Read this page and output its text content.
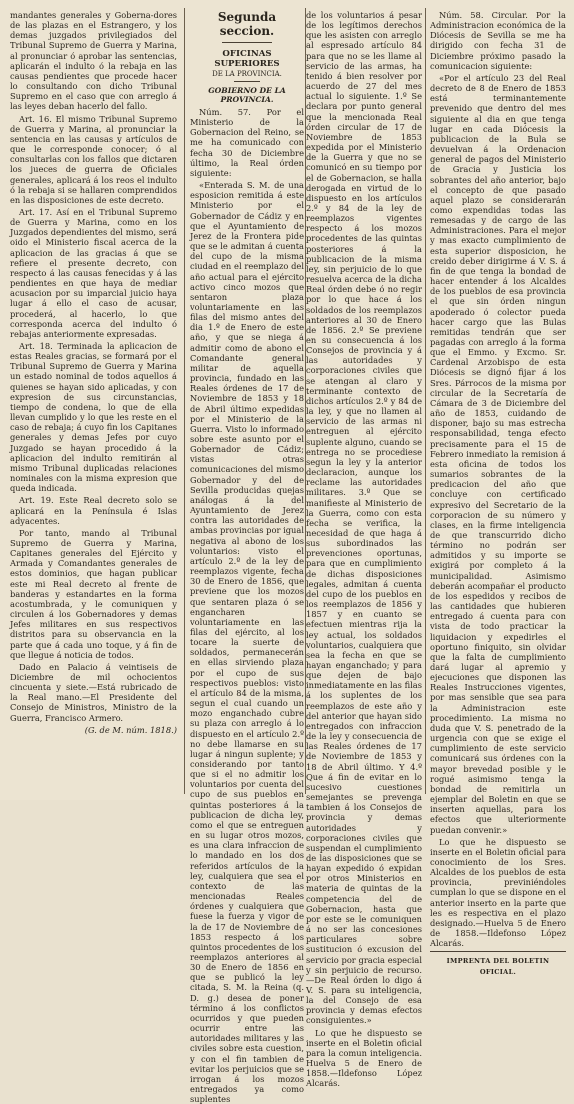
mandantes generales y Goberna-dores de las plazas en el Estrangero, y los demas juzgados privilegiados del Tribunal Supremo de Guerra y Marina, al pronunciar ó aprobar las sentencias, aplicarán el indulto ó la rebaja en las causas pendientes que procede hacer lo consultando con dicho Tribunal Supremo en el caso que con arreglo á las leyes deban hacerlo del fallo.

Art. 16. El mismo Tribunal Supremo de Guerra y Marina, al pronunciar la sentencia en las causas y artículos de que le corresponde conocer; ó al consultarlas con los fallos que dictaren los jueces de guerra de Oficiales generales, aplicará á los reos el indulto ó la rebaja si se hallaren comprendidos en las disposiciones de este decreto.

Art. 17. Así en el Tribunal Supremo de Guerra y Marina, como en los Juzgados dependientes del mismo, será oido el Ministerio fiscal acerca de la aplicacion de las gracias á que se refiere el presente decreto, con respecto á las causas fenecidas y á las pendientes en que haya de mediar acusacion por su imparcial juicio haya lugar á ello el caso de acusar, procederá, al hacerlo, lo que corresponda acerca del indulto ó rebajas anteriormente expresadas.

Art. 18. Terminada la aplicacion de estas Reales gracias, se formará por el Tribunal Supremo de Guerra y Marina un estado nominal de todos aquellos á quienes se hayan sido aplicadas, y con expresion de sus circunstancias, tiempo de condena, lo que de ella llevan cumplido y lo que les reste en el caso de rebaja; á cuyo fin los Capitanes generales y demas Jefes por cuyo Juzgado se hayan procedido á la aplicacion del indulto remitirán al mismo Tribunal duplicadas relaciones nominales con la misma expresion que queda indicada.

Art. 19. Este Real decreto solo se aplicará en la Península é Islas adyacentes.

Por tanto, mando al Tribunal Supremo de Guerra y Marina, Capitanes generales del Ejército y Armada y Comandantes generales de estos dominios, que hagan publicar este mi Real decreto al frente de banderas y estandartes en la forma acostumbrada, y le comuniquen y circulen á los Gobernadores y demas Jefes militares en sus respectivos distritos para su observancia en la parte que á cada uno toque, y á fin de que llegue á noticia de todos.

Dado en Palacio á veintiseis de Diciembre de mil ochocientos cincuenta y siete.—Está rubricado de la Real mano.—El Presidente del Consejo de Ministros, Ministro de la Guerra, Francisco Armero.

(G. de M. núm. 1818.)

Segunda seccion.

OFICINAS SUPERIORES

DE LA PROVINCIA.

GOBIERNO DE LA PROVINCIA.

Núm. 57. Por el Ministerio de la Gobernacion del Reino, se me ha comunicado con fecha 30 de Diciembre último, la Real órden siguiente:

«Enterada S. M. de una esposicion remitida á este Ministerio por el Gobernador de Cádiz y en que el Ayuntamiento de Jerez de la Frontera pide que se le admitan á cuenta del cupo de la misma ciudad en el reemplazo del año actual para el ejército activo cinco mozos que sentaron plaza voluntariamente en las filas del mismo antes del dia 1.º de Enero de este año, y que se niega á admitir como de abono el Comandante general militar de aquella provincia, fundado en las Reales órdenes de 17 de Noviembre de 1853 y 18 de Abril último expedidas por el Ministerio de la Guerra. Visto lo informado sobre este asunto por el Gobernador de Cádiz; vistas otras comunicaciones del mismo Gobernador y del de Sevilla producidas quejas análogas á la del Ayuntamiento de Jerez contra las autoridades de ambas provincias por igual negativa al abono de los voluntarios: visto el artículo 2.º de la ley de reemplazos vigente, fecha 30 de Enero de 1856, que previene que los mozos que sentaren plaza ó se engancharen voluntariamente en las filas del ejército, al los tocare la suerte de soldados, permanecerán en ellas sirviendo plaza por el cupo de sus respectivos pueblos: visto el artículo 84 de la misma, segun el cual cuando un mozo enganchado cubre su plaza con arreglo á lo dispuesto en el artículo 2.º no debe llamarse en su lugar á ningun suplente; y considerando por tanto que si el no admitir los voluntarios por cuenta del cupo de sus pueblos en quintas posteriores á la publicacion de dicha ley, como el que se entreguen en su lugar otros mozos, es una clara infraccion de lo mandado en los dos referidos artículos de la ley, cualquiera que sea el contexto de las mencionadas Reales órdenes y cualquiera que fuese la fuerza y vigor de la de 17 de Noviembre de 1853 respecto á los quintos procedentes de los reemplazos anteriores al 30 de Enero de 1856 en que se publicó la ley citada, S. M. la Reina (q. D. g.) desea de poner término á los conflictos ocurridos y que pueden ocurrir entre las autoridades militares y las civiles sobre esta cuestion, y con el fin tambien de evitar los perjuicios que se irrogan á los mozos entregados ya como suplentes

de los voluntarios á pesar de los legítimos derechos que les asisten con arreglo al espresado artículo 84 para que no se les llame al servicio de las armas, ha tenido á bien resolver por acuerdo de 27 del mes actual lo siguiente. 1.º Se declara por punto general que la mencionada Real órden circular de 17 de Noviembre de 1853 expedida por el Ministerio de la Guerra y que no se comunicó en su tiempo por el de Gobernacion, se halla derogada en virtud de lo dispuesto en los artículos 2.º y 84 de la ley de reemplazos vigentes respecto á los mozos procedentes de las quintas posteriores á la publicacion de la misma ley, sin perjuicio de lo que resuelva acerca de la dicha Real órden debe ó no regir por lo que hace á los soldados de los reemplazos anteriores al 30 de Enero de 1856. 2.º Se previene en su consecuencia á los Consejos de provincia y á las autoridades y corporaciones civiles que se atengan al claro y terminante contexto de dichos artículos 2.º y 84 de la ley, y que no llamen al servicio de las armas ni entreguen al ejército suplente alguno, cuando se entrega no se procediese segun la ley y la anterior declaracion, aunque los reclame las autoridades militares. 3.º Que se manifieste al Ministerio de la Guerra, como con esta fecha se verifica, la necesidad de que haga á sus subordinados las prevenciones oportunas, para que en cumplimiento de dichas disposiciones legales, admitan á cuenta del cupo de los pueblos en los reemplazos de 1856 y 1857 y en cuanto se efectuen mientras rija la ley actual, los soldados voluntarios, cualquiera que sea la fecha en que se hayan enganchado; y para que dejen de bajo inmediatamente en las filas á los suplentes de los reemplazos de este año y del anterior que hayan sido entregados con infraccion de la ley y consecuencia de las Reales órdenes de 17 de Noviembre de 1853 y 18 de Abril último. Y 4.º Que á fin de evitar en lo sucesivo cuestiones semejantes se prevenga tambien á los Consejos de provincia y demas autoridades y corporaciones civiles que suspendan el cumplimiento de las disposiciones que se hayan expedido ó expidan por otros Ministerios en materia de quintas de la competencia del de Gobernacion, hasta que por este se le comuniquen á no ser las concesiones particulares sobre sustitucion ó excusion del servicio por gracia especial y sin perjuicio de recurso.—De Real órden lo digo á V. S. para su inteligencia, la del Consejo de esa provincia y demas efectos consiguientes.»

Lo que he dispuesto se inserte en el Boletin oficial para la comun inteligencia. Huelva 5 de Enero de 1858.—Ildefonso López Alcarás.

Núm. 58. Circular. Por la Administracion económica de la Diócesis de Sevilla se me ha dirigido con fecha 31 de Diciembre próximo pasado la comunicacion siguiente:

«Por el artículo 23 del Real decreto de 8 de Enero de 1853 está terminantemente prevenido que dentro del mes siguiente al dia en que tenga lugar en cada Diócesis la publicacion de la Bula se devuelvan á la Ordenacion general de pagos del Ministerio de Gracia y Justicia los sobrantes del año anterior, bajo el concepto de que pasado aquel plazo se considerarán como expendidas todas las remesadas y de cargo de las Administraciones. Para el mejor y mas exacto cumplimiento de esta superior disposicion, he creido deber dirigirme á V. S. á fin de que tenga la bondad de hacer entender á los Alcaldes de los pueblos de esa provincia el que sin órden ningun apoderado ó colector pueda hacer cargo que las Bulas remitidas tendrán que ser pagadas con arreglo á la forma que el Emmo. y Excmo. Sr. Cardenal Arzobispo de esta Diócesis se dignó fijar á los Sres. Párrocos de la misma por circular de la Secretaría de Cámara de 3 de Diciembre del año de 1853, cuidando de disponer, bajo su mas estrecha responsabilidad, tenga efecto precisamente para el 15 de Febrero inmediato la remision á esta oficina de todos los sumarios sobrantes de la predicacion del año que concluye con certificado expresivo del Secretario de la corporacion de su número y clases, en la firme inteligencia de que transcurrido dicho término no podrán ser admitidos y su importe se exigirá por completo á la municipalidad. Asimismo deberán acompañar el producto de los espedidos y recibos de las cantidades que hubieren entregado á cuenta para con vista de todo practicar la liquidacion y expedirles el oportuno finiquito, sin olvidar que la falta de cumplimiento dará lugar al apremio y ejecuciones que disponen las Reales Instrucciones vigentes, por mas sensible que sea para la Administracion este procedimiento. La misma no duda que V. S. penetrado de la urgencia con que se exige el cumplimiento de este servicio comunicará sus órdenes con la mayor brevedad posible y le rogué asimismo tenga la bondad de remitirla un ejemplar del Boletin en que se inserten aquellas, para los efectos que ulteriormente puedan convenir.»

Lo que he dispuesto se inserte en el Boletin oficial para conocimiento de los Sres. Alcaldes de los pueblos de esta provincia, previniéndoles cumplan lo que se dispone en el anterior inserto en la parte que les es respectiva en el plazo designado.—Huelva 5 de Enero de 1858.—Ildefonso López Alcarás.

IMPRENTA DEL BOLETIN OFICIAL.
